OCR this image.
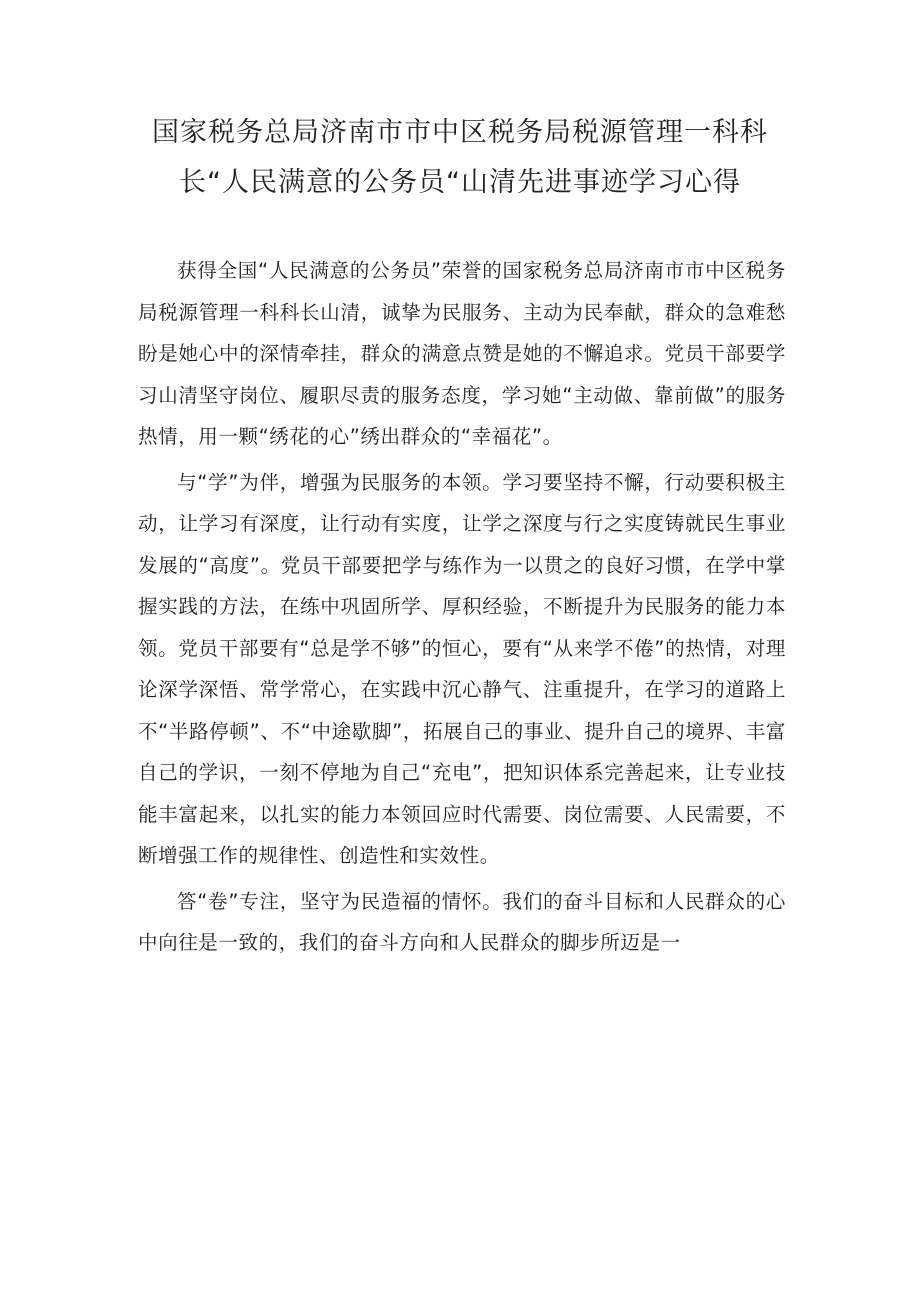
国家税务总局济南市市中区税务局税源管理一科科
长“人民满意的公务员“山清先进事迹学习心得

获得全国“人民满意的公务员”荣誉的国家税务总局济南市市中区税务局税源管理一科科长山清，诚挚为民服务、主动为民奉献，群众的急难愁盼是她心中的深情牵挂，群众的满意点赞是她的不懈追求。党员干部要学习山清坚守岗位、履职尽责的服务态度，学习她“主动做、靠前做”的服务热情，用一颗“绣花的心”绣出群众的“幸福花”。

与“学”为伴，增强为民服务的本领。学习要坚持不懈，行动要积极主动，让学习有深度，让行动有实度，让学之深度与行之实度铸就民生事业发展的“高度”。党员干部要把学与练作为一以贯之的良好习惯，在学中掌握实践的方法，在练中巩固所学、厚积经验，不断提升为民服务的能力本领。党员干部要有“总是学不够”的恒心，要有“从来学不倦”的热情，对理论深学深悟、常学常心，在实践中沉心静气、注重提升，在学习的道路上不“半路停顿”、不“中途歇脚”，拓展自己的事业、提升自己的境界、丰富自己的学识，一刻不停地为自己“充电”，把知识体系完善起来，让专业技能丰富起来，以扎实的能力本领回应时代需要、岗位需要、人民需要，不断增强工作的规律性、创造性和实效性。

答“卷”专注，坚守为民造福的情怀。我们的奋斗目标和人民群众的心中向往是一致的，我们的奋斗方向和人民群众的脚步所迈是一
